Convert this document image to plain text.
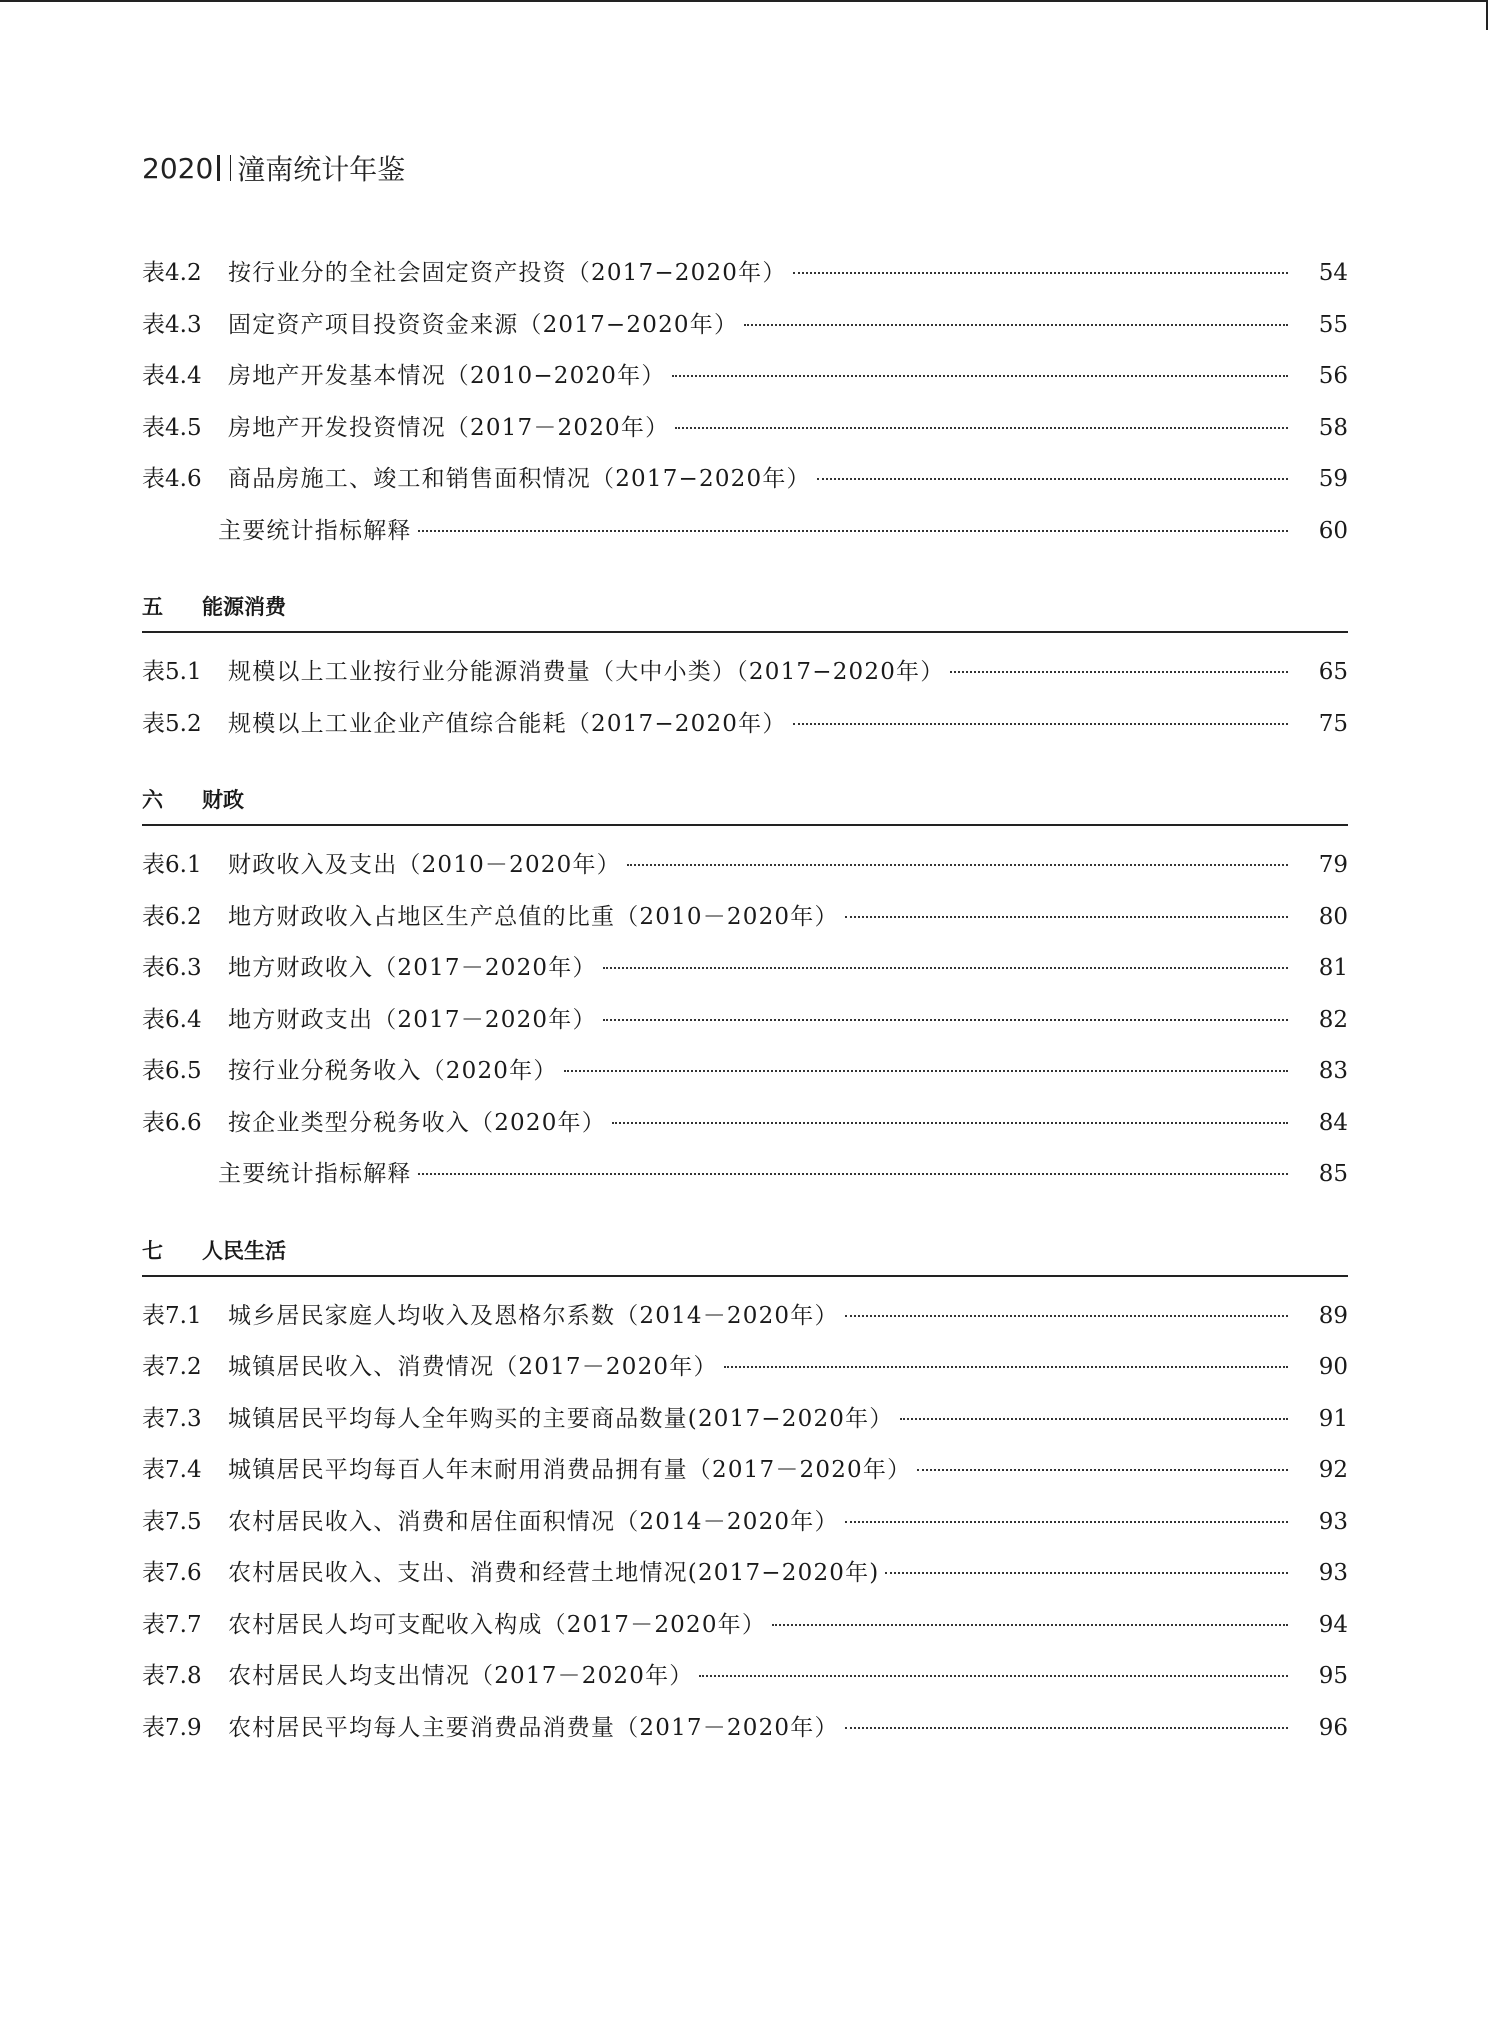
2020 潼南统计年鉴
表4.2	按行业分的全社会固定资产投资（2017−2020年）	54
表4.3	固定资产项目投资资金来源（2017−2020年）	55
表4.4	房地产开发基本情况（2010−2020年）	56
表4.5	房地产开发投资情况（2017－2020年）	58
表4.6	商品房施工、竣工和销售面积情况（2017−2020年）	59
主要统计指标解释	60
五	能源消费
表5.1	规模以上工业按行业分能源消费量（大中小类）（2017−2020年）	65
表5.2	规模以上工业企业产值综合能耗（2017−2020年）	75
六	财政
表6.1	财政收入及支出（2010－2020年）	79
表6.2	地方财政收入占地区生产总值的比重（2010－2020年）	80
表6.3	地方财政收入（2017－2020年）	81
表6.4	地方财政支出（2017－2020年）	82
表6.5	按行业分税务收入（2020年）	83
表6.6	按企业类型分税务收入（2020年）	84
主要统计指标解释	85
七	人民生活
表7.1	城乡居民家庭人均收入及恩格尔系数（2014－2020年）	89
表7.2	城镇居民收入、消费情况（2017－2020年）	90
表7.3	城镇居民平均每人全年购买的主要商品数量(2017−2020年）	91
表7.4	城镇居民平均每百人年末耐用消费品拥有量（2017－2020年）	92
表7.5	农村居民收入、消费和居住面积情况（2014－2020年）	93
表7.6	农村居民收入、支出、消费和经营土地情况(2017−2020年)	93
表7.7	农村居民人均可支配收入构成（2017－2020年）	94
表7.8	农村居民人均支出情况（2017－2020年）	95
表7.9	农村居民平均每人主要消费品消费量（2017－2020年）	96
